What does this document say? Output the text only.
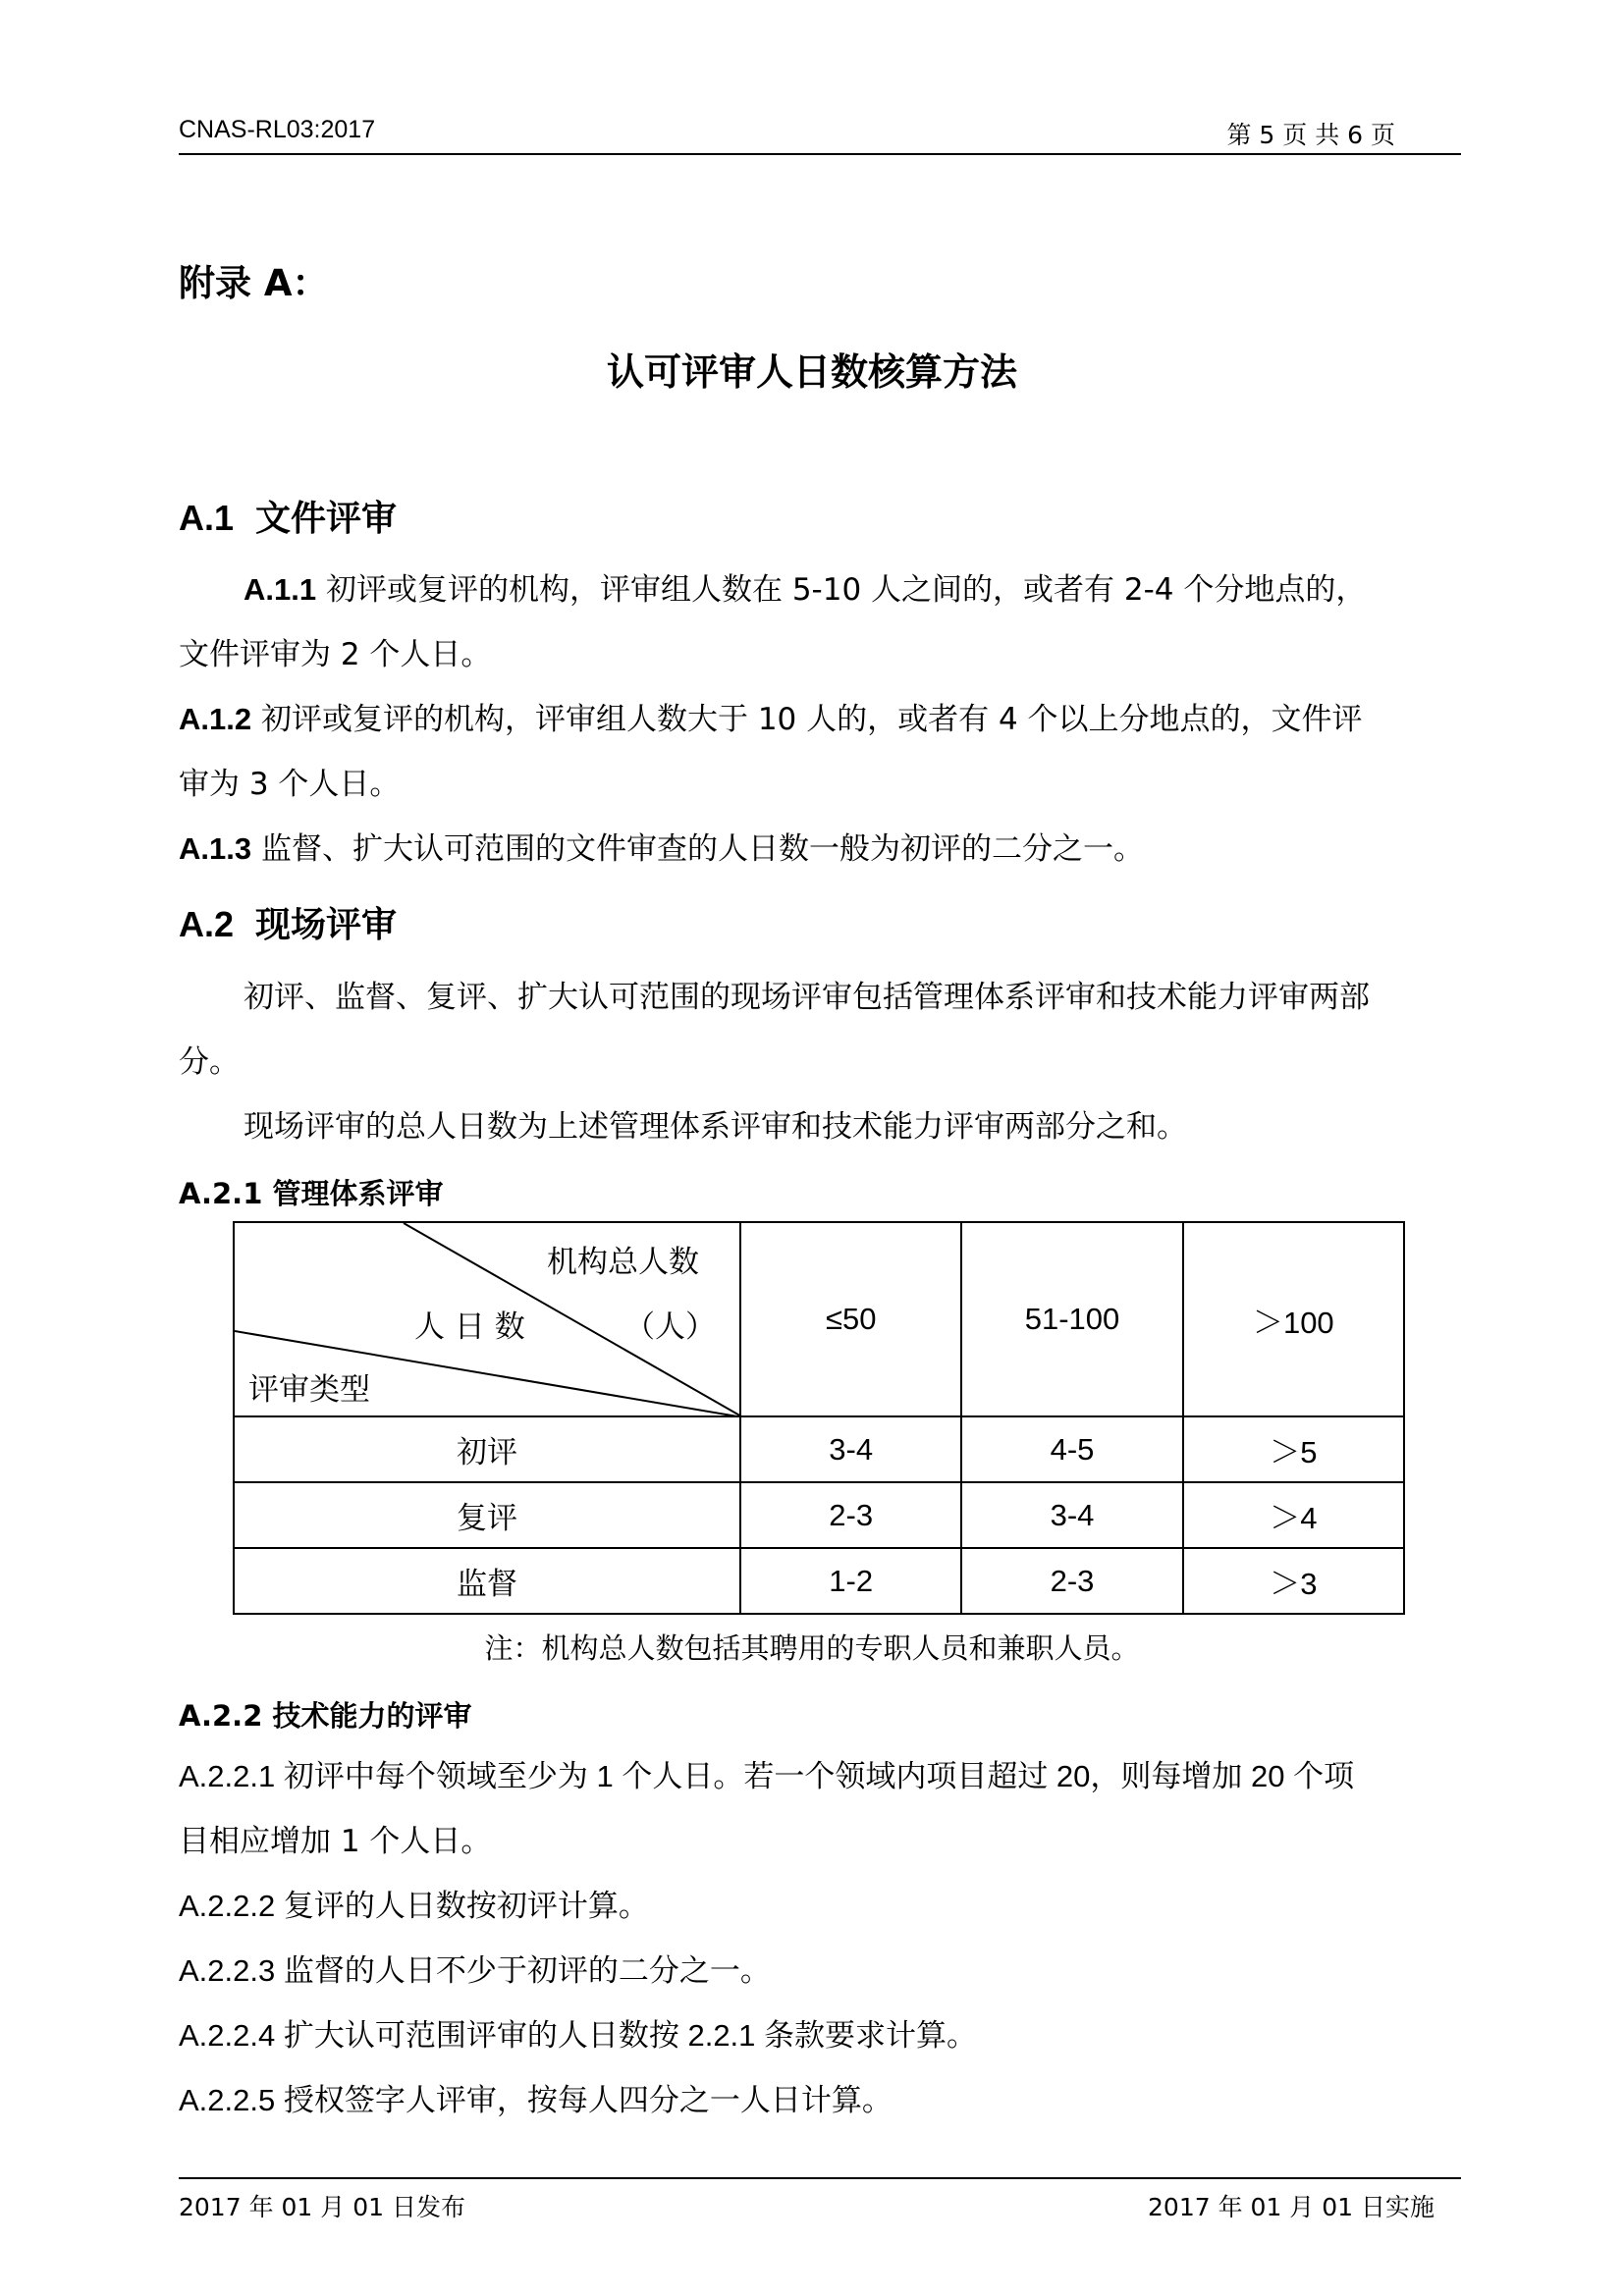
CNAS-RL03:2017	第 5 页 共 6 页
附录 A：
认可评审人日数核算方法
A.1 文件评审

A.1.1 初评或复评的机构，评审组人数在 5-10 人之间的，或者有 2-4 个分地点的，

文件评审为 2 个人日。

A.1.2 初评或复评的机构，评审组人数大于 10 人的，或者有 4 个以上分地点的，文件评

审为 3 个人日。

A.1.3 监督、扩大认可范围的文件审查的人日数一般为初评的二分之一。

A.2 现场评审

初评、监督、复评、扩大认可范围的现场评审包括管理体系评审和技术能力评审两部

分。

现场评审的总人日数为上述管理体系评审和技术能力评审两部分之和。

A.2.1 管理体系评审
机构总人数
人 日 数 （人）
评审类型	≤50	51-100	＞100
初评	3-4	4-5	＞5
复评	2-3	3-4	＞4
监督	1-2	2-3	＞3
注：机构总人数包括其聘用的专职人员和兼职人员。
A.2.2 技术能力的评审

A.2.2.1 初评中每个领域至少为 1 个人日。若一个领域内项目超过 20，则每增加 20 个项

目相应增加 1 个人日。

A.2.2.2 复评的人日数按初评计算。

A.2.2.3 监督的人日不少于初评的二分之一。

A.2.2.4 扩大认可范围评审的人日数按 2.2.1 条款要求计算。

A.2.2.5 授权签字人评审，按每人四分之一人日计算。

2017 年 01 月 01 日发布	2017 年 01 月 01 日实施
